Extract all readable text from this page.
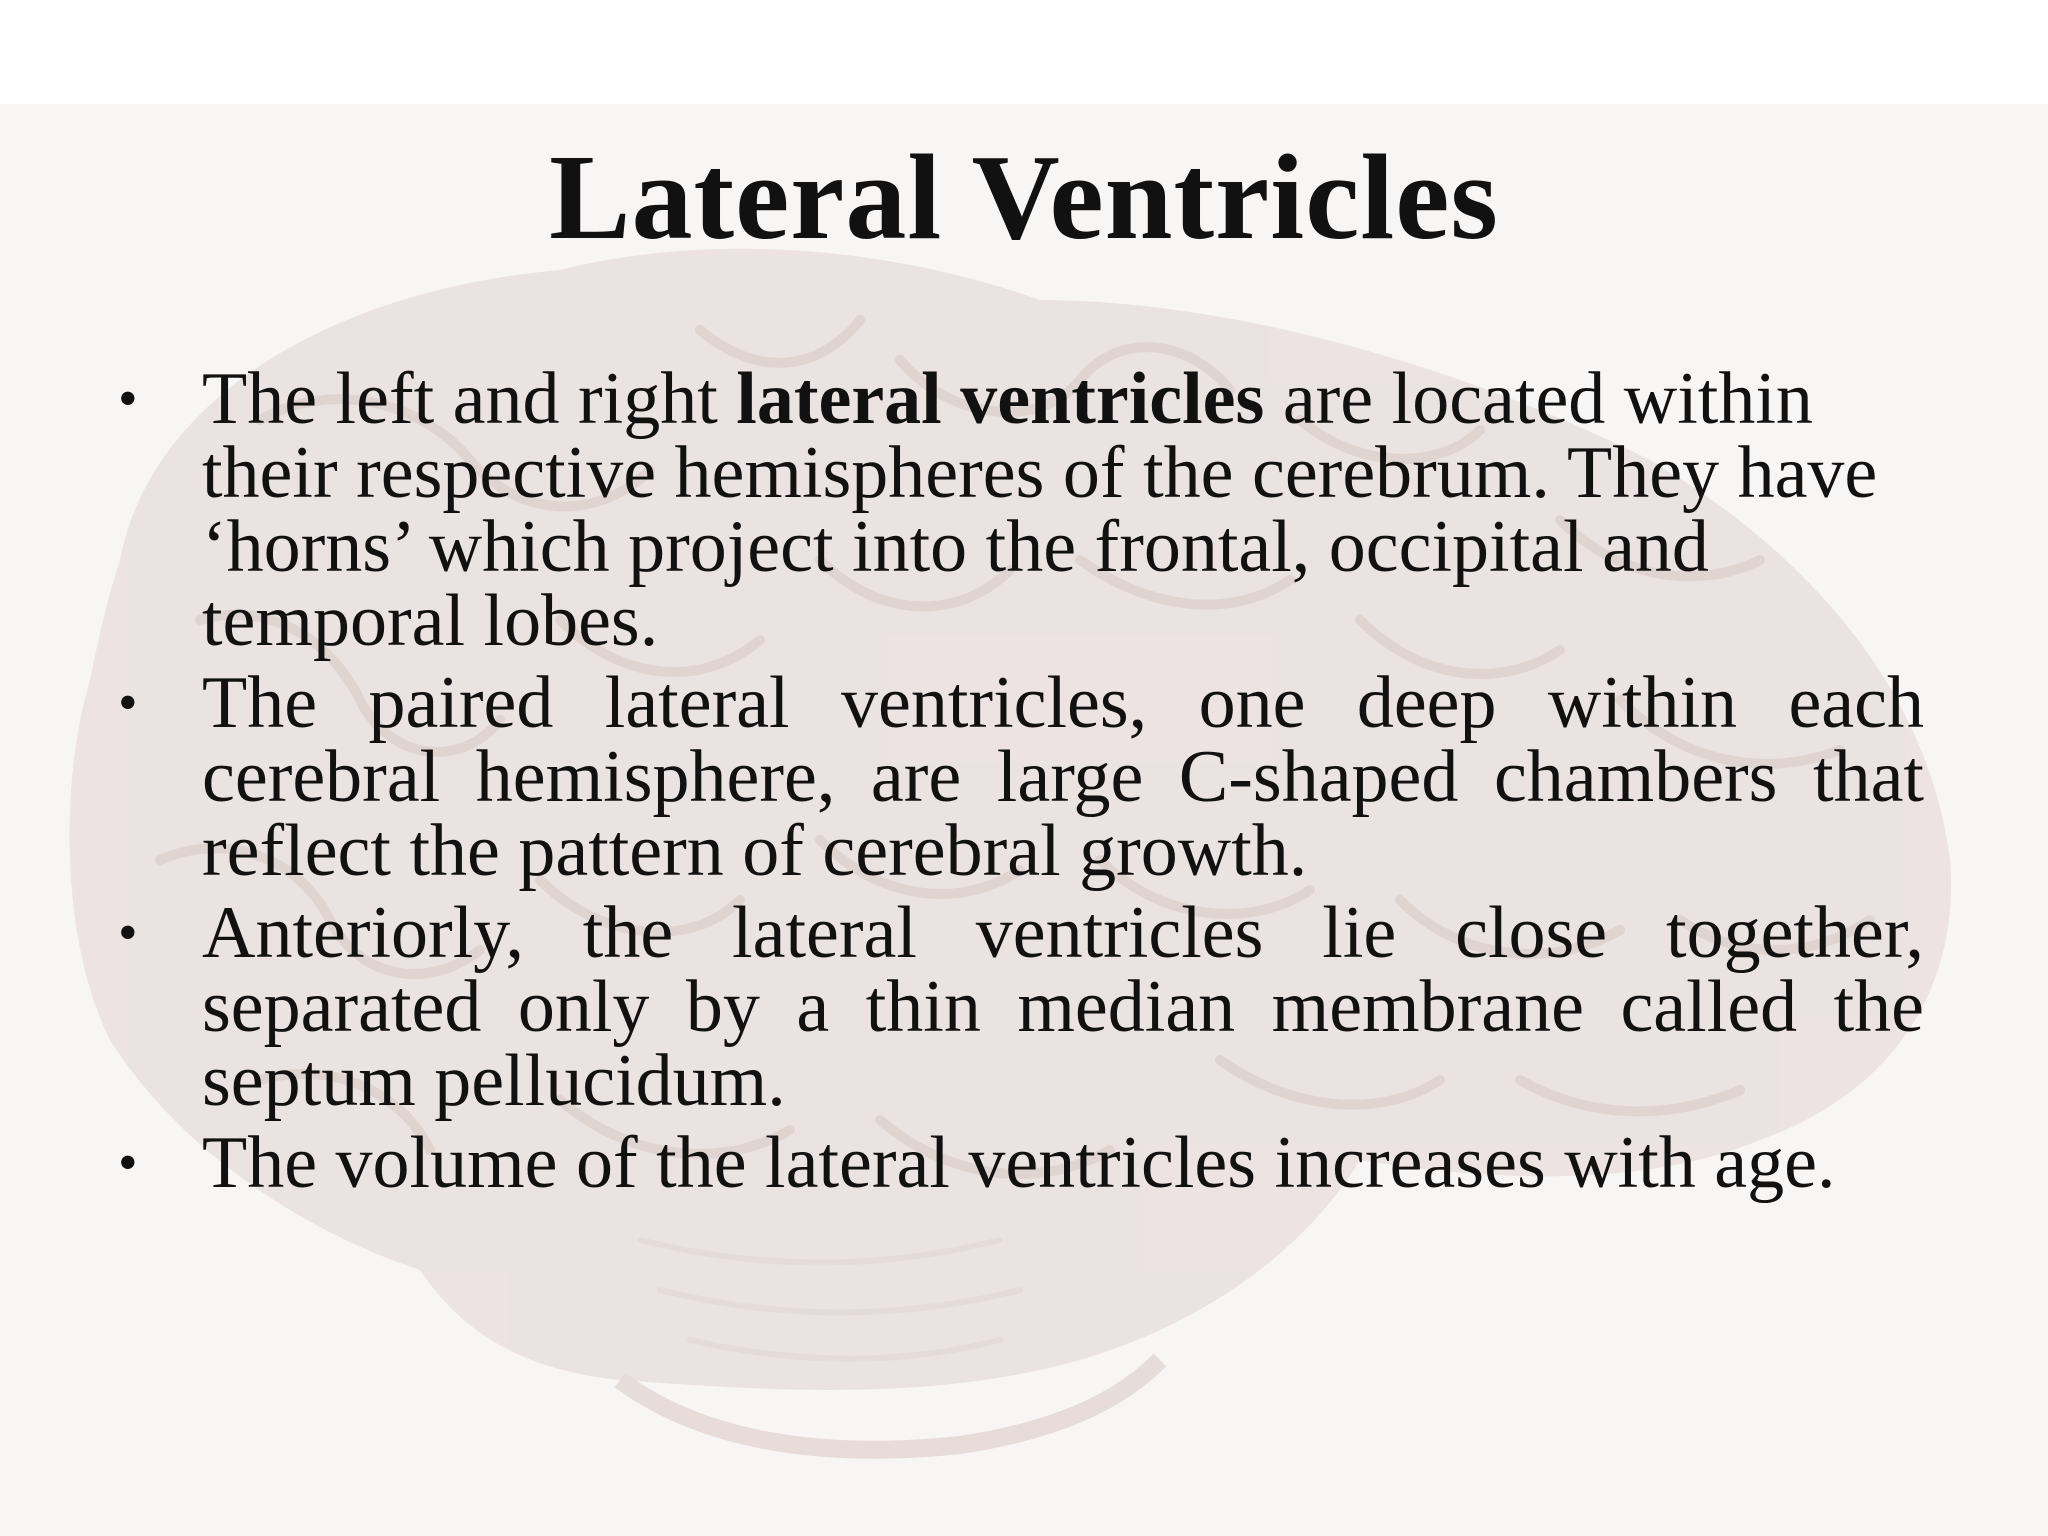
Lateral Ventricles
• The left and right lateral ventricles are located within their respective hemispheres of the cerebrum. They have ‘horns’ which project into the frontal, occipital and temporal lobes.
• The paired lateral ventricles, one deep within each cerebral hemisphere, are large C-shaped chambers that reflect the pattern of cerebral growth.
• Anteriorly, the lateral ventricles lie close together, separated only by a thin median membrane called the septum pellucidum.
• The volume of the lateral ventricles increases with age.
